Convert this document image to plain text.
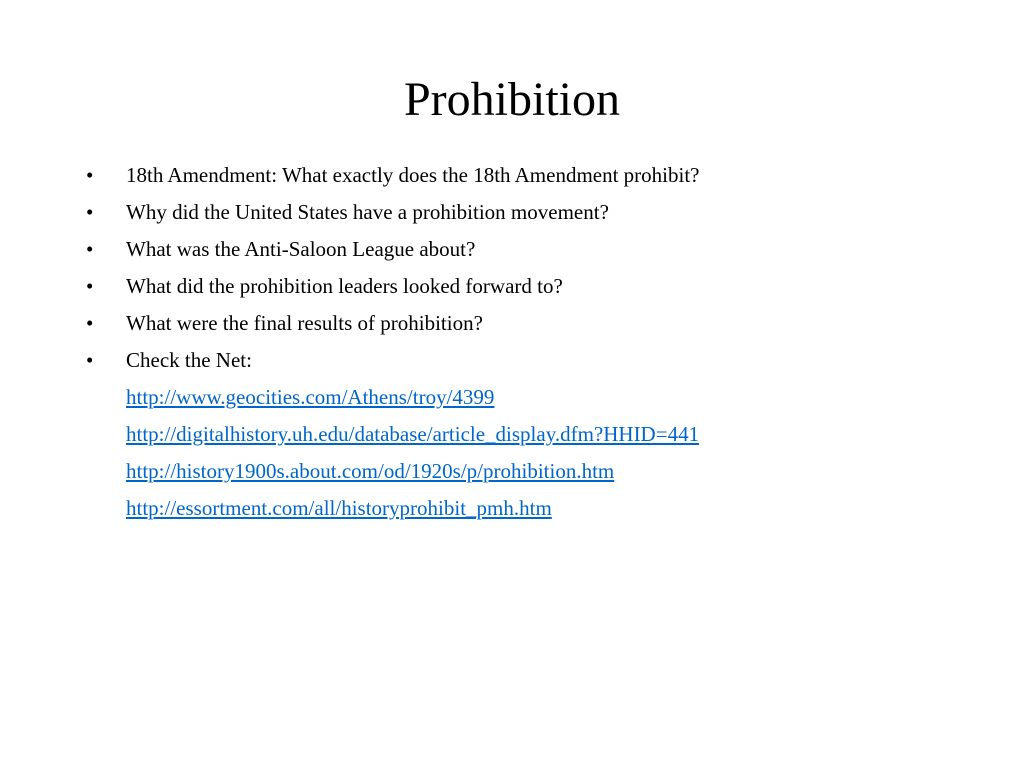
Prohibition
•	18th Amendment: What exactly does the 18th Amendment prohibit?
•	Why did the United States have a prohibition movement?
•	What was the Anti-Saloon League about?
•	What did the prohibition leaders looked forward to?
•	What were the final results of prohibition?
•	Check the Net:
http://www.geocities.com/Athens/troy/4399
http://digitalhistory.uh.edu/database/article_display.dfm?HHID=441
http://history1900s.about.com/od/1920s/p/prohibition.htm
http://essortment.com/all/historyprohibit_pmh.htm
